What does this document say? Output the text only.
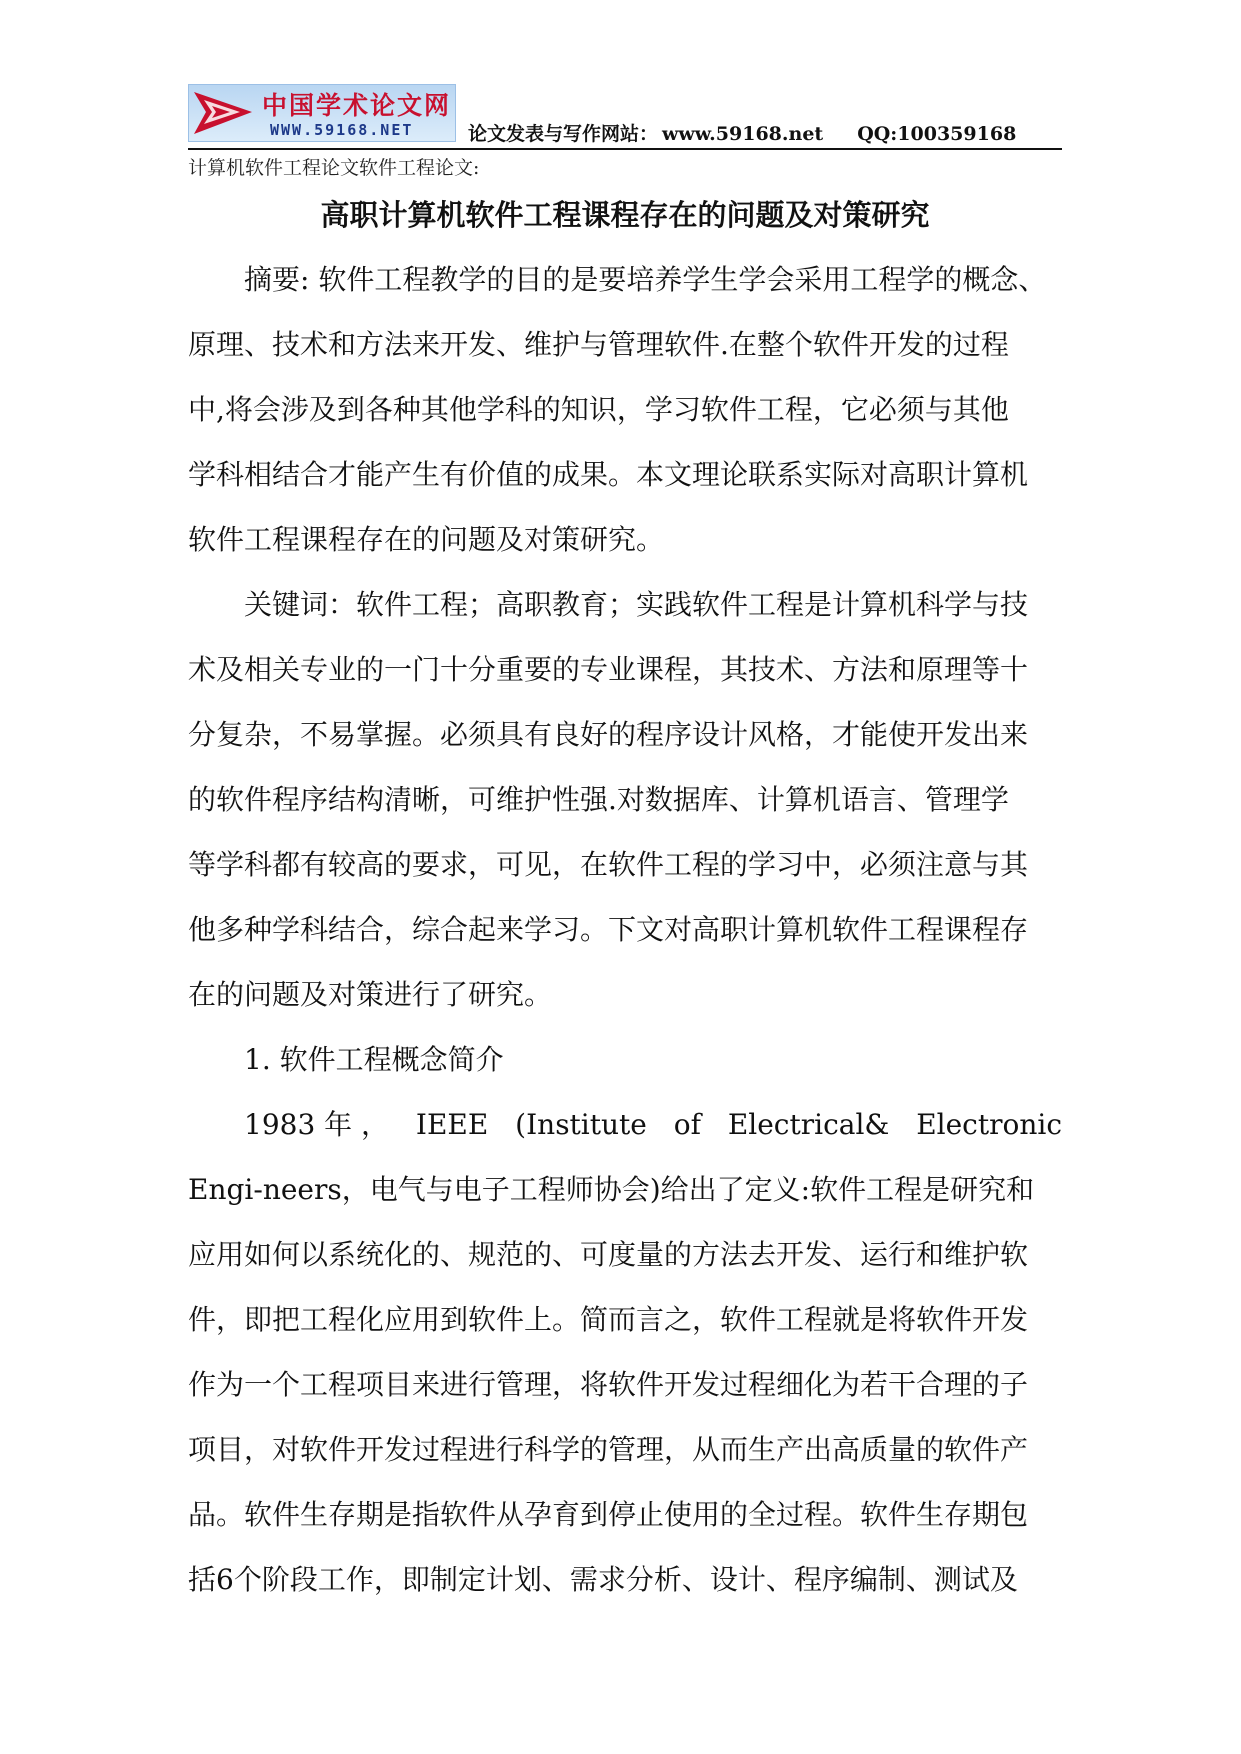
中国学术论文网
WWW.59168.NET	论文发表与写作网站： www.59168.net QQ:100359168
计算机软件工程论文软件工程论文:
高职计算机软件工程课程存在的问题及对策研究
摘要: 软件工程教学的目的是要培养学生学会采用工程学的概念、
原理、技术和方法来开发、维护与管理软件.在整个软件开发的过程
中,将会涉及到各种其他学科的知识，学习软件工程，它必须与其他
学科相结合才能产生有价值的成果。本文理论联系实际对高职计算机
软件工程课程存在的问题及对策研究。
关键词：软件工程；高职教育；实践软件工程是计算机科学与技
术及相关专业的一门十分重要的专业课程，其技术、方法和原理等十
分复杂，不易掌握。必须具有良好的程序设计风格，才能使开发出来
的软件程序结构清晰，可维护性强.对数据库、计算机语言、管理学
等学科都有较高的要求，可见，在软件工程的学习中，必须注意与其
他多种学科结合，综合起来学习。下文对高职计算机软件工程课程存
在的问题及对策进行了研究。
1. 软件工程概念简介
1983 年 ， IEEE (Institute of Electrical& Electronic
Engi-neers，电气与电子工程师协会)给出了定义:软件工程是研究和
应用如何以系统化的、规范的、可度量的方法去开发、运行和维护软
件，即把工程化应用到软件上。简而言之，软件工程就是将软件开发
作为一个工程项目来进行管理，将软件开发过程细化为若干合理的子
项目，对软件开发过程进行科学的管理，从而生产出高质量的软件产
品。软件生存期是指软件从孕育到停止使用的全过程。软件生存期包
括6个阶段工作，即制定计划、需求分析、设计、程序编制、测试及
